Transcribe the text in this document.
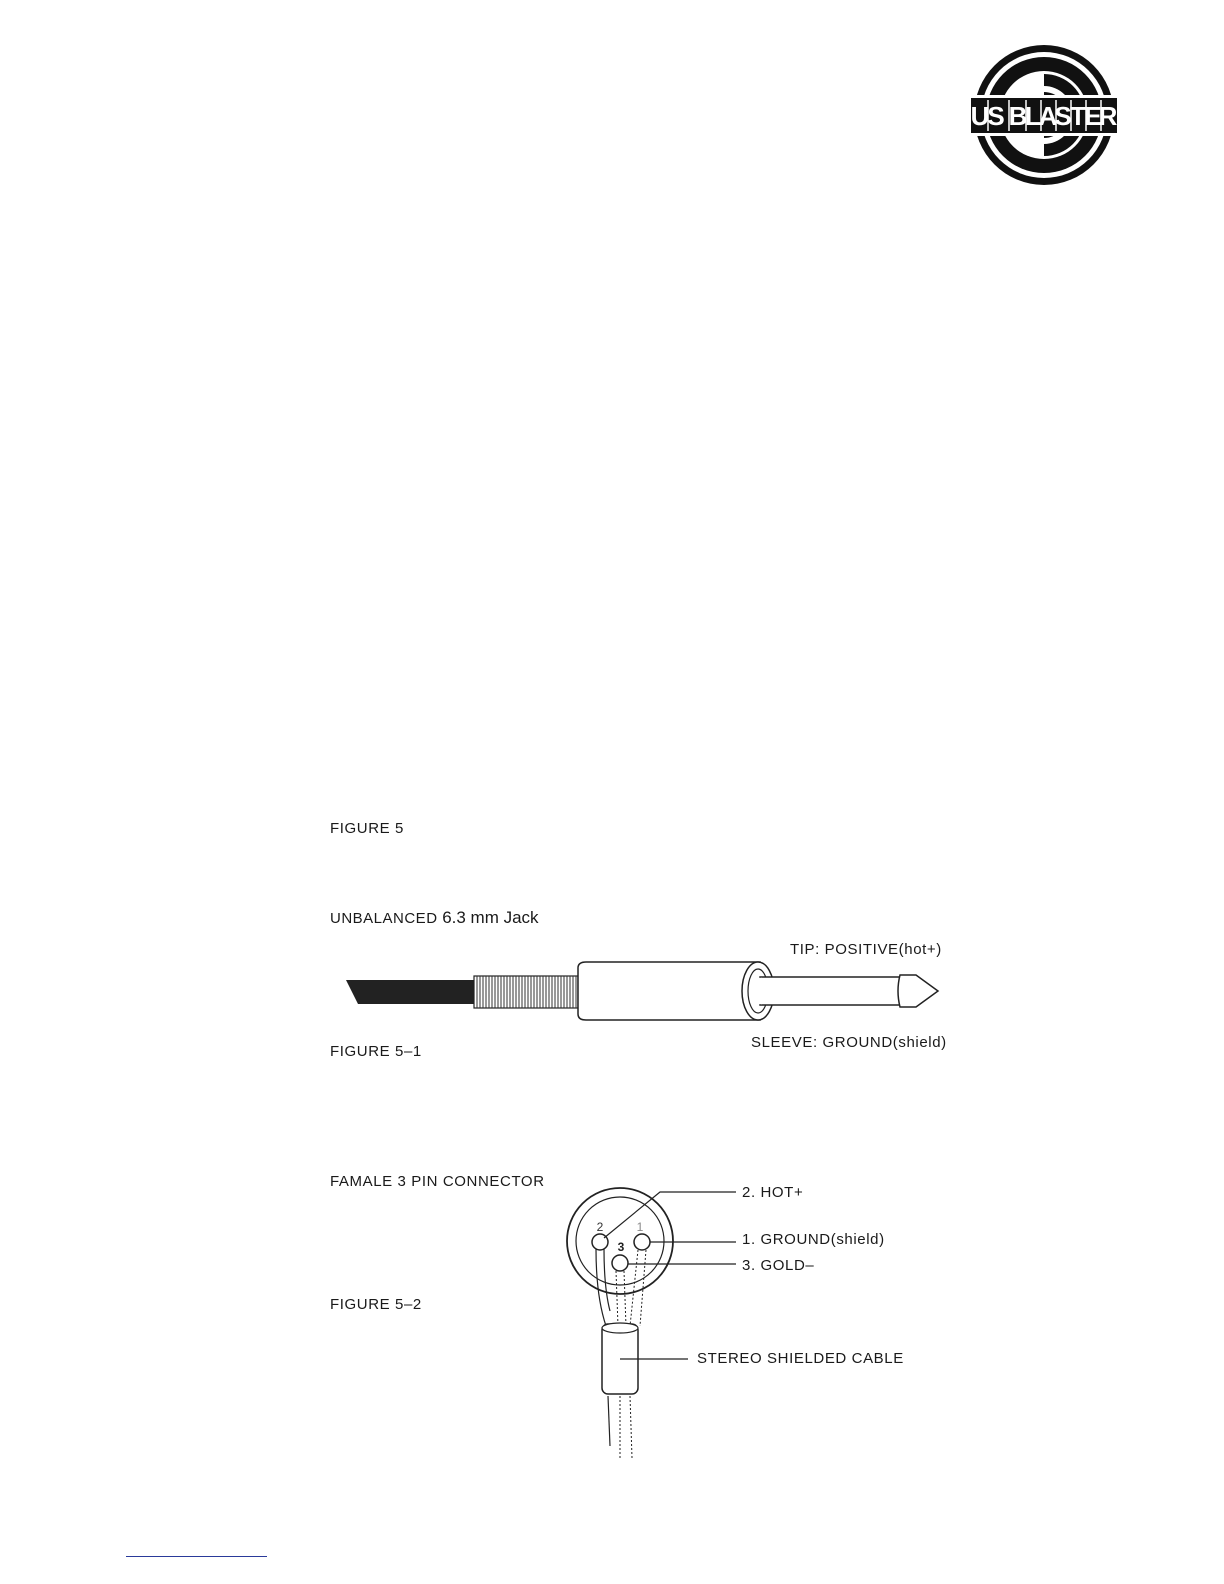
U
S B
L
A
S
T
E
R
FIGURE 5
UNBALANCED 6.3 mm Jack
TIP: POSITIVE(hot+)
FIGURE 5–1
SLEEVE: GROUND(shield)
FAMALE 3 PIN CONNECTOR
FIGURE 5–2
2	1
3
2. HOT+
1. GROUND(shield)
3. GOLD–
STEREO SHIELDED CABLE
